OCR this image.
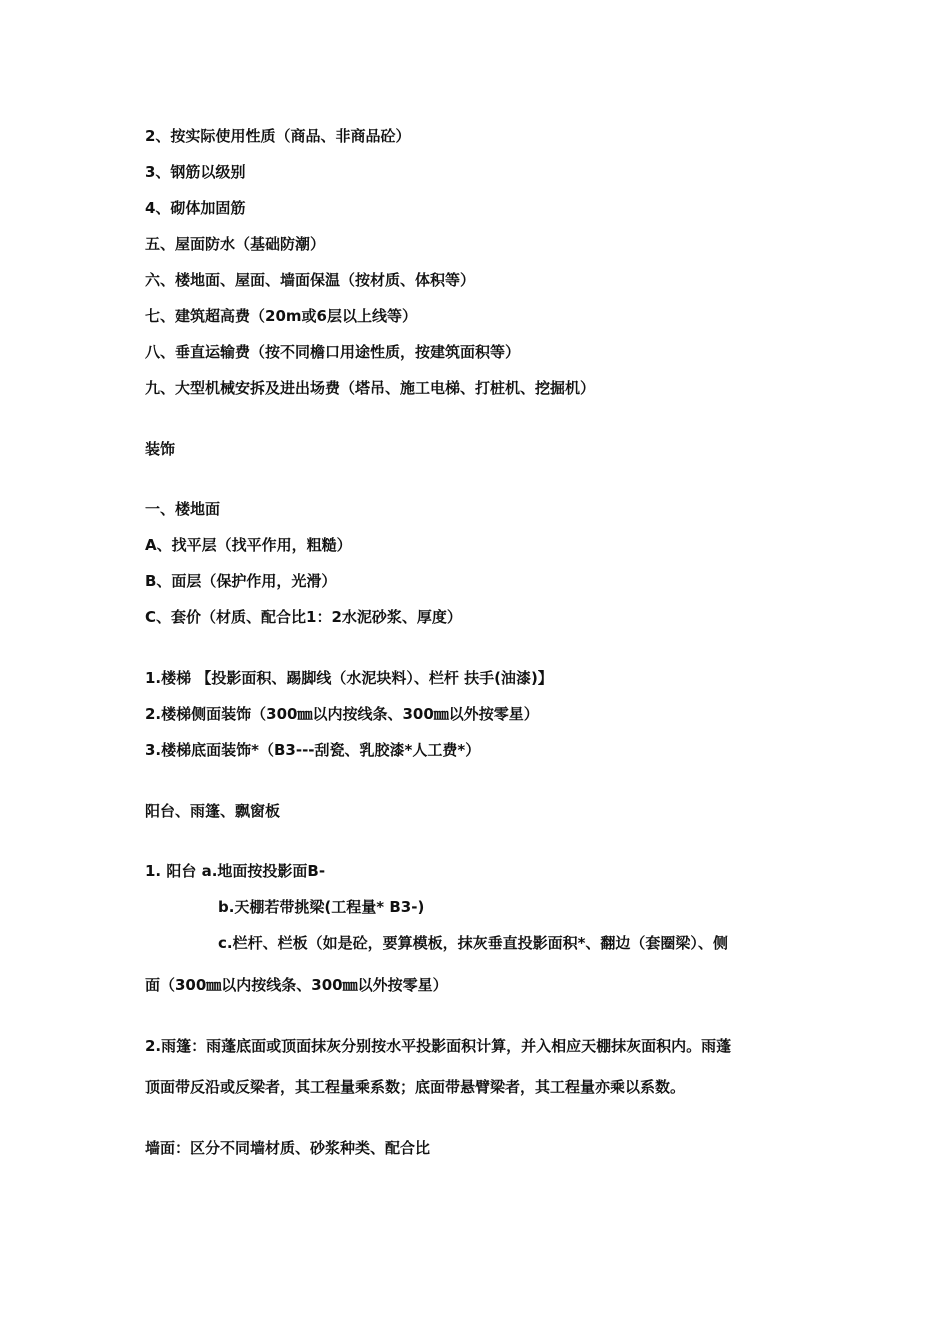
2、按实际使用性质（商品、非商品砼）
3、钢筋以级别
4、砌体加固筋
五、屋面防水（基础防潮）
六、楼地面、屋面、墙面保温（按材质、体积等）
七、建筑超高费（20m或6层以上线等）
八、垂直运输费（按不同檐口用途性质，按建筑面积等）
九、大型机械安拆及进出场费（塔吊、施工电梯、打桩机、挖掘机）
装饰
一、楼地面
A、找平层（找平作用，粗糙）
B、面层（保护作用，光滑）
C、套价（材质、配合比1：2水泥砂浆、厚度）
1.楼梯 【投影面积、踢脚线（水泥块料）、栏杆 扶手(油漆)】
2.楼梯侧面装饰（300㎜以内按线条、300㎜以外按零星）
3.楼梯底面装饰*（B3---刮瓷、乳胶漆*人工费*）
阳台、雨篷、飘窗板
1. 阳台 a.地面按投影面B-
b.天棚若带挑梁(工程量* B3-)
c.栏杆、栏板（如是砼，要算模板，抹灰垂直投影面积*、翻边（套圈梁）、侧
面（300㎜以内按线条、300㎜以外按零星）
2.雨篷：雨蓬底面或顶面抹灰分别按水平投影面积计算，并入相应天棚抹灰面积内。雨蓬
顶面带反沿或反梁者，其工程量乘系数；底面带悬臂梁者，其工程量亦乘以系数。
墙面：区分不同墙材质、砂浆种类、配合比
